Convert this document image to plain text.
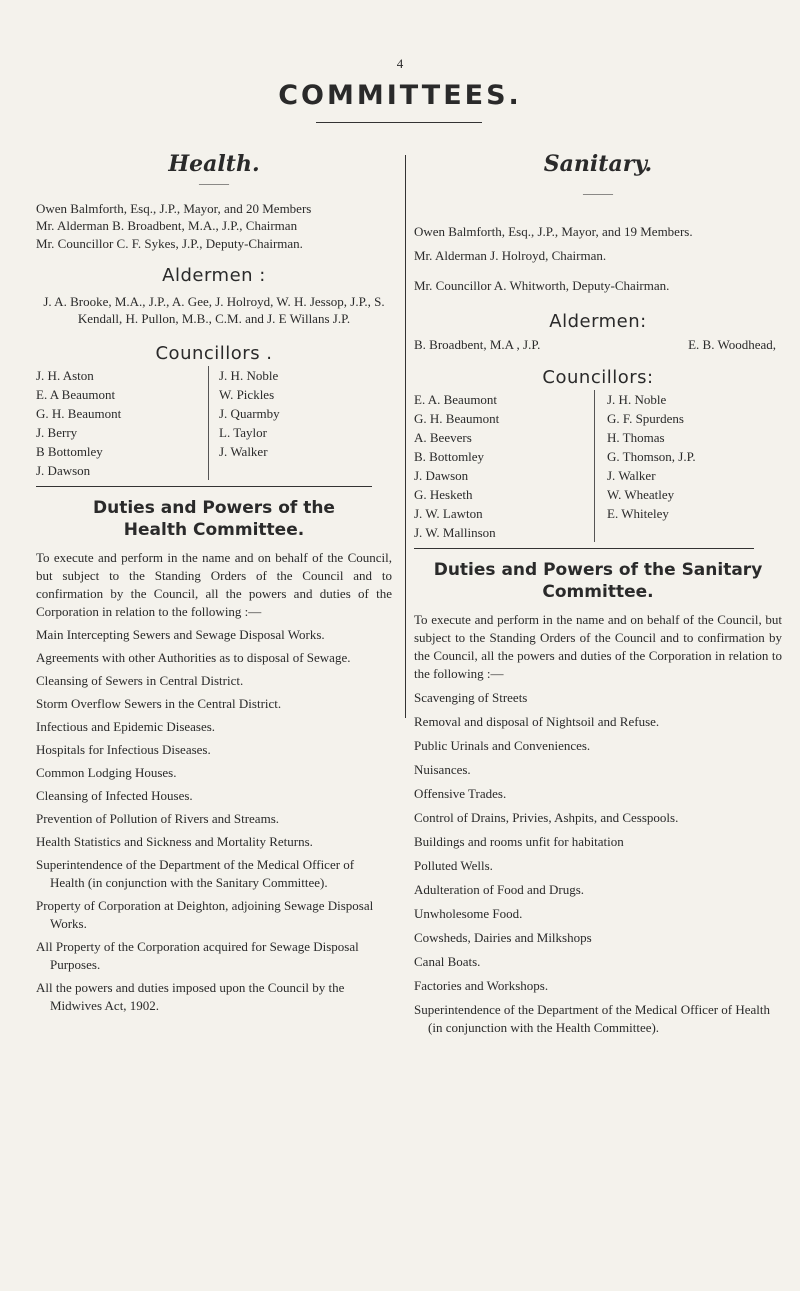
4
COMMITTEES.

Health.

———

Owen Balmforth, Esq., J.P., Mayor, and 20 Members

Mr. Alderman B. Broadbent, M.A., J.P., Chairman

Mr. Councillor C. F. Sykes, J.P., Deputy-Chairman.

Aldermen :

J. A. Brooke, M.A., J.P., A. Gee, J. Holroyd, W. H. Jessop, J.P., S. Kendall, H. Pullon, M.B., C.M. and J. E Willans J.P.

Councillors .

J. H. Aston
E. A Beaumont
G. H. Beaumont
J. Berry
B Bottomley
J. Dawson
J. H. Noble
W. Pickles
J. Quarmby
L. Taylor
J. Walker

Duties and Powers of the Health Committee.

To execute and perform in the name and on behalf of the Council, but subject to the Standing Orders of the Council and to confirmation by the Council, all the powers and duties of the Corporation in relation to the following :—

Main Intercepting Sewers and Sewage Disposal Works.
Agreements with other Authorities as to disposal of Sewage.
Cleansing of Sewers in Central District.
Storm Overflow Sewers in the Central District.
Infectious and Epidemic Diseases.
Hospitals for Infectious Diseases.
Common Lodging Houses.
Cleansing of Infected Houses.
Prevention of Pollution of Rivers and Streams.
Health Statistics and Sickness and Mortality Returns.
Superintendence of the Department of the Medical Officer of Health (in conjunction with the Sanitary Committee).
Property of Corporation at Deighton, adjoining Sewage Disposal Works.
All Property of the Corporation acquired for Sewage Disposal Purposes.
All the powers and duties imposed upon the Council by the Midwives Act, 1902.

Sanitary.

———

Owen Balmforth, Esq., J.P., Mayor, and 19 Members.

Mr. Alderman J. Holroyd, Chairman.

Mr. Councillor A. Whitworth, Deputy-Chairman.

Aldermen:

B. Broadbent, M.A , J.P.	E. B. Woodhead,

Councillors:

E. A. Beaumont
G. H. Beaumont
A. Beevers
B. Bottomley
J. Dawson
G. Hesketh
J. W. Lawton
J. W. Mallinson
J. H. Noble
G. F. Spurdens
H. Thomas
G. Thomson, J.P.
J. Walker
W. Wheatley
E. Whiteley

Duties and Powers of the Sanitary Committee.

To execute and perform in the name and on behalf of the Council, but subject to the Standing Orders of the Council and to confirmation by the Council, all the powers and duties of the Corporation in relation to the following :—

Scavenging of Streets
Removal and disposal of Nightsoil and Refuse.
Public Urinals and Conveniences.
Nuisances.
Offensive Trades.
Control of Drains, Privies, Ashpits, and Cesspools.
Buildings and rooms unfit for habitation
Polluted Wells.
Adulteration of Food and Drugs.
Unwholesome Food.
Cowsheds, Dairies and Milkshops
Canal Boats.
Factories and Workshops.
Superintendence of the Department of the Medical Officer of Health (in conjunction with the Health Committee).
